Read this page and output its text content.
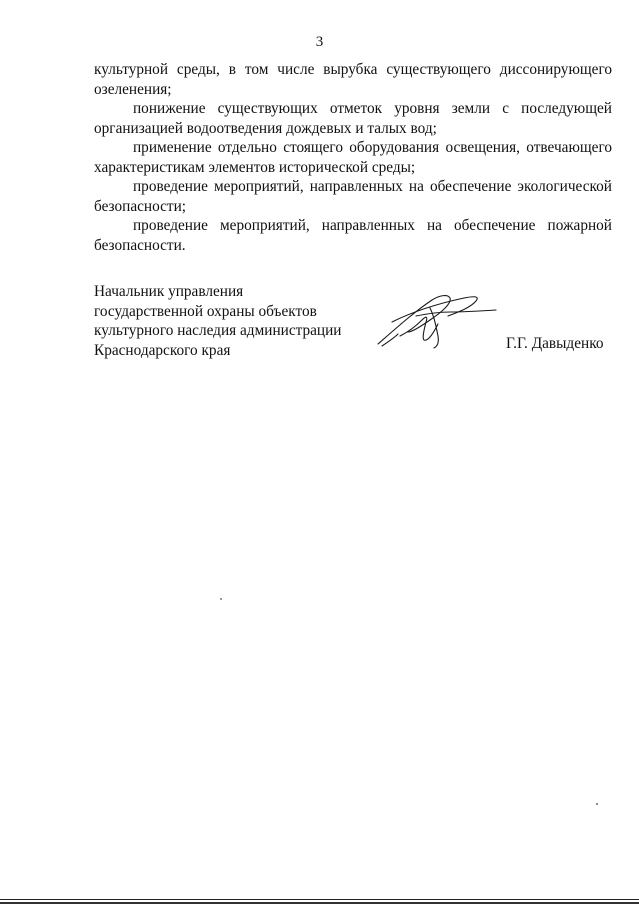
3

культурной среды, в том числе вырубка существующего диссонирующего озеленения;

понижение существующих отметок уровня земли с последующей организацией водоотведения дождевых и талых вод;

применение отдельно стоящего оборудования освещения, отвечающего характеристикам элементов исторической среды;

проведение мероприятий, направленных на обеспечение экологической безопасности;

проведение мероприятий, направленных на обеспечение пожарной безопасности.

Начальник управления
государственной охраны объектов
культурного наследия администрации
Краснодарского края	Г.Г. Давыденко
